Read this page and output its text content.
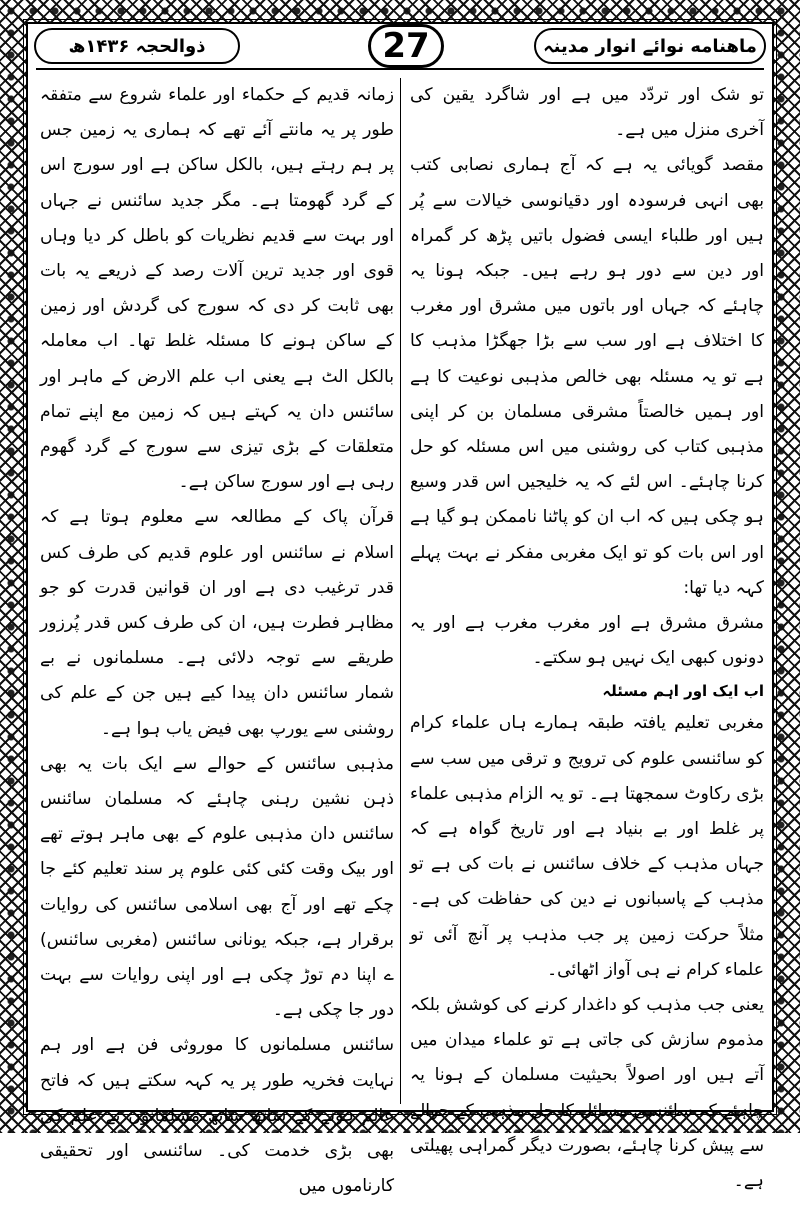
ماهنامه نوائے انوار مدینہ
27
ذوالحجہ ۱۴۳۶ھ

تو شک اور تردّد میں ہے اور شاگرد یقین کی آخری منزل میں ہے۔

مقصد گویائی یہ ہے کہ آج ہماری نصابی کتب بھی انہی فرسودہ اور دقیانوسی خیالات سے پُر ہیں اور طلباء ایسی فضول باتیں پڑھ کر گمراہ اور دین سے دور ہو رہے ہیں۔ جبکہ ہونا یہ چاہئے کہ جہاں اور باتوں میں مشرق اور مغرب کا اختلاف ہے اور سب سے بڑا جھگڑا مذہب کا ہے تو یہ مسئلہ بھی خالص مذہبی نوعیت کا ہے اور ہمیں خالصتاً مشرقی مسلمان بن کر اپنی مذہبی کتاب کی روشنی میں اس مسئلہ کو حل کرنا چاہئے۔ اس لئے کہ یہ خلیجیں اس قدر وسیع ہو چکی ہیں کہ اب ان کو پاٹنا ناممکن ہو گیا ہے اور اس بات کو تو ایک مغربی مفکر نے بہت پہلے کہہ دیا تھا:

مشرق مشرق ہے اور مغرب مغرب ہے اور یہ دونوں کبھی ایک نہیں ہو سکتے۔

اب ایک اور اہم مسئلہ

مغربی تعلیم یافتہ طبقہ ہمارے ہاں علماء کرام کو سائنسی علوم کی ترویج و ترقی میں سب سے بڑی رکاوٹ سمجھتا ہے۔ تو یہ الزام مذہبی علماء پر غلط اور بے بنیاد ہے اور تاریخ گواہ ہے کہ جہاں مذہب کے خلاف سائنس نے بات کی ہے تو مذہب کے پاسبانوں نے دین کی حفاظت کی ہے۔ مثلاً حرکت زمین پر جب مذہب پر آنچ آئی تو علماء کرام نے ہی آواز اٹھائی۔

یعنی جب مذہب کو داغدار کرنے کی کوشش بلکہ مذموم سازش کی جاتی ہے تو علماء میدان میں آتے ہیں اور اصولاً بحیثیت مسلمان کے ہونا یہ چاہئے کہ سائنسی مسائل کا حل مذہب کے حوالے سے پیش کرنا چاہئے، بصورت دیگر گمراہی پھیلتی ہے۔

زمانہ قدیم کے حکماء اور علماء شروع سے متفقہ طور پر یہ مانتے آئے تھے کہ ہماری یہ زمین جس پر ہم رہتے ہیں، بالکل ساکن ہے اور سورج اس کے گرد گھومتا ہے۔ مگر جدید سائنس نے جہاں اور بہت سے قدیم نظریات کو باطل کر دیا وہاں قوی اور جدید ترین آلات رصد کے ذریعے یہ بات بھی ثابت کر دی کہ سورج کی گردش اور زمین کے ساکن ہونے کا مسئلہ غلط تھا۔ اب معاملہ بالکل الٹ ہے یعنی اب علم الارض کے ماہر اور سائنس دان یہ کہتے ہیں کہ زمین مع اپنے تمام متعلقات کے بڑی تیزی سے سورج کے گرد گھوم رہی ہے اور سورج ساکن ہے۔

قرآن پاک کے مطالعہ سے معلوم ہوتا ہے کہ اسلام نے سائنس اور علوم قدیم کی طرف کس قدر ترغیب دی ہے اور ان قوانین قدرت کو جو مظاہر فطرت ہیں، ان کی طرف کس قدر پُرزور طریقے سے توجہ دلائی ہے۔ مسلمانوں نے بے شمار سائنس دان پیدا کیے ہیں جن کے علم کی روشنی سے یورپ بھی فیض یاب ہوا ہے۔

مذہبی سائنس کے حوالے سے ایک بات یہ بھی ذہن نشین رہنی چاہئے کہ مسلمان سائنس سائنس دان مذہبی علوم کے بھی ماہر ہوتے تھے اور بیک وقت کئی کئی علوم پر سند تعلیم کئے جا چکے تھے اور آج بھی اسلامی سائنس کی روایات برقرار ہے، جبکہ یونانی سائنس (مغربی سائنس) ے اپنا دم توڑ چکی ہے اور اپنی روایات سے بہت دور جا چکی ہے۔

سائنس مسلمانوں کا موروثی فن ہے اور ہم نہایت فخریہ طور پر یہ کہہ سکتے ہیں کہ فاتح عالم ہونے کے ساتھ ساتھ مسلمانوں نے علم کی بھی بڑی خدمت کی۔ سائنسی اور تحقیقی کارناموں میں
